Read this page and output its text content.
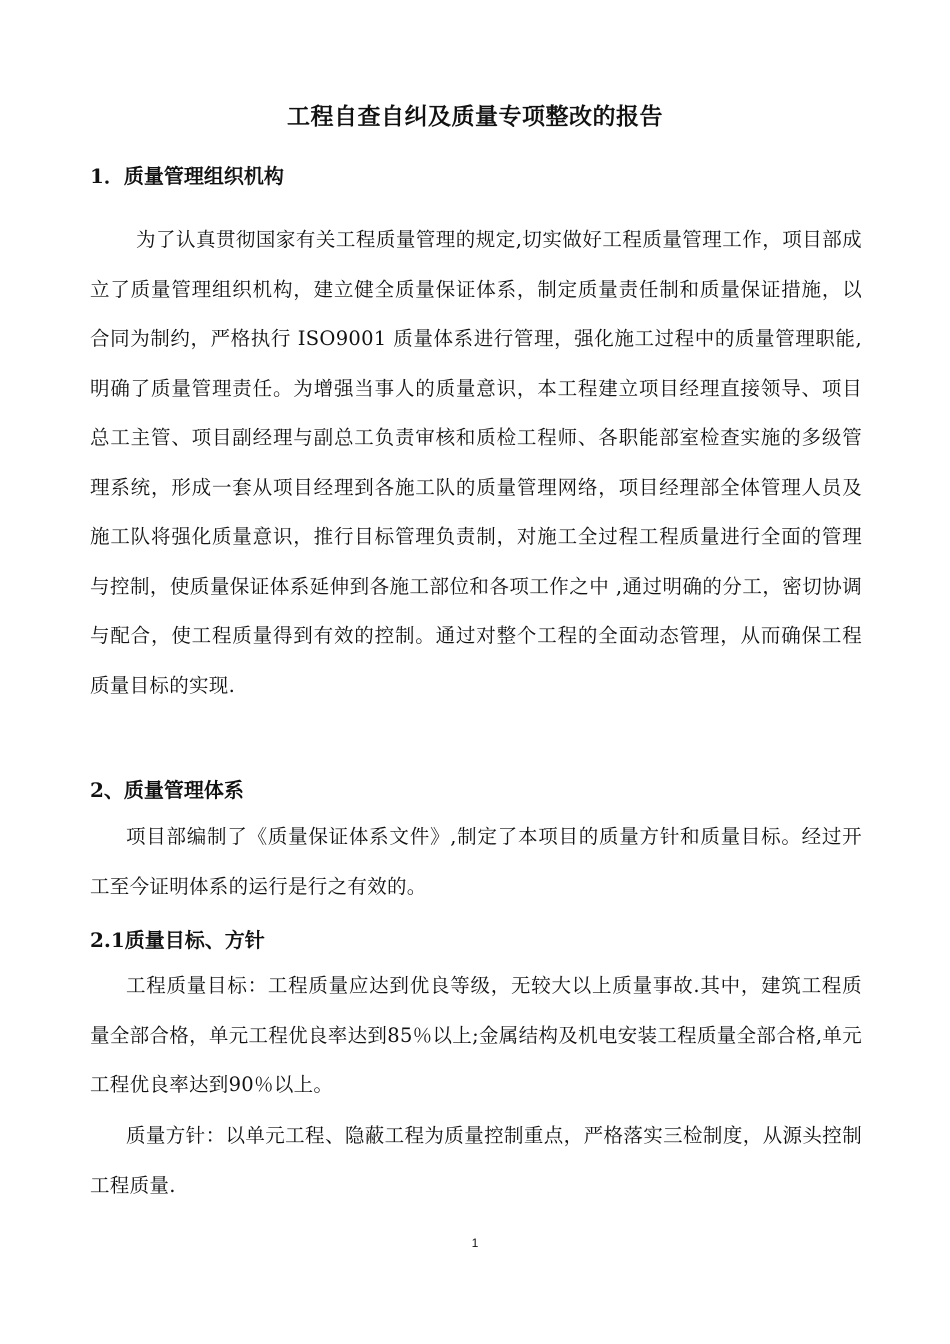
工程自查自纠及质量专项整改的报告
1．质量管理组织机构

为了认真贯彻国家有关工程质量管理的规定,切实做好工程质量管理工作，项目部成立了质量管理组织机构，建立健全质量保证体系，制定质量责任制和质量保证措施，以合同为制约，严格执行 ISO9001 质量体系进行管理，强化施工过程中的质量管理职能,明确了质量管理责任。为增强当事人的质量意识，本工程建立项目经理直接领导、项目总工主管、项目副经理与副总工负责审核和质检工程师、各职能部室检查实施的多级管理系统，形成一套从项目经理到各施工队的质量管理网络，项目经理部全体管理人员及施工队将强化质量意识，推行目标管理负责制，对施工全过程工程质量进行全面的管理与控制，使质量保证体系延伸到各施工部位和各项工作之中 ,通过明确的分工，密切协调与配合，使工程质量得到有效的控制。通过对整个工程的全面动态管理，从而确保工程质量目标的实现.

2、质量管理体系

项目部编制了《质量保证体系文件》,制定了本项目的质量方针和质量目标。经过开工至今证明体系的运行是行之有效的。

2.1质量目标、方针

工程质量目标：工程质量应达到优良等级，无较大以上质量事故.其中，建筑工程质量全部合格，单元工程优良率达到85％以上;金属结构及机电安装工程质量全部合格,单元工程优良率达到90％以上。

质量方针：以单元工程、隐蔽工程为质量控制重点，严格落实三检制度，从源头控制工程质量.

1
